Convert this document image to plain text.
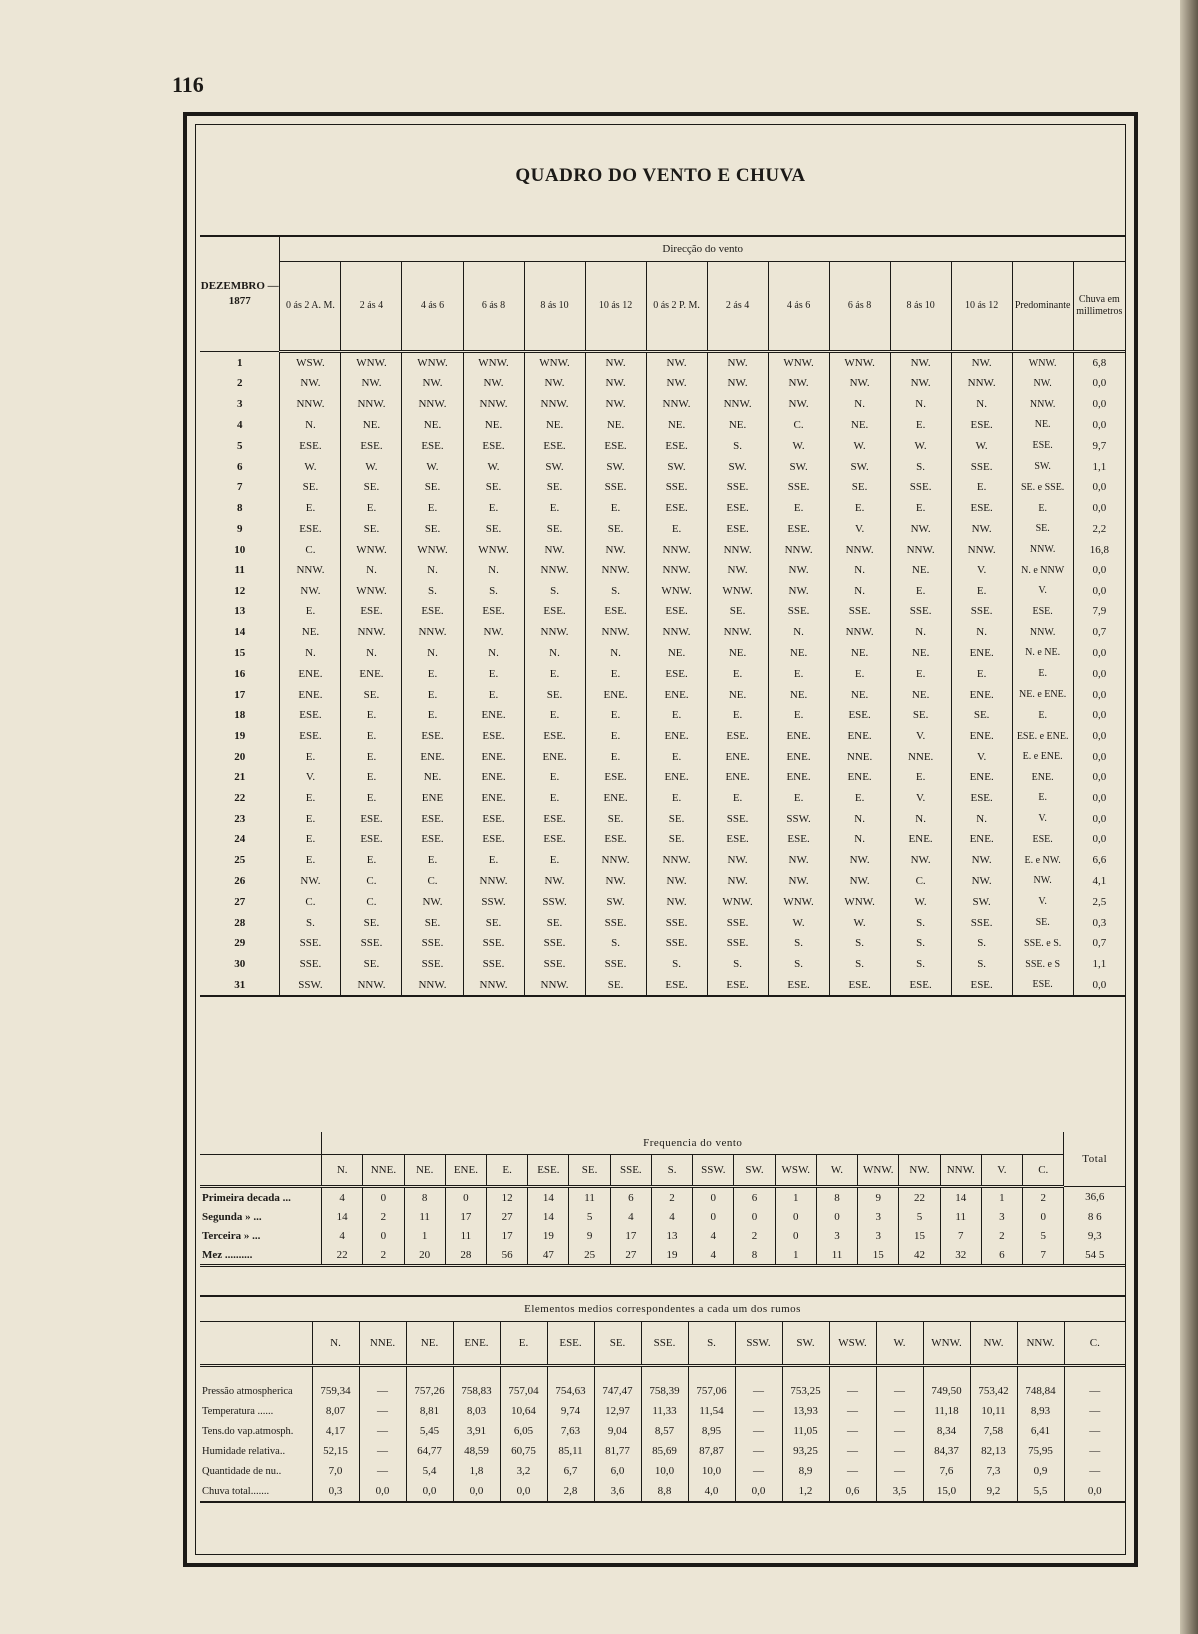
116
QUADRO DO VENTO E CHUVA
DEZEMBRO — 1877	Direcção do vento													
	0 ás 2 A. M.	2 ás 4	4 ás 6	6 ás 8	8 ás 10	10 ás 12	0 ás 2 P. M.	2 ás 4	4 ás 6	6 ás 8	8 ás 10	10 ás 12	Predominante	Chuva em millimetros
1	WSW.	WNW.	WNW.	WNW.	WNW.	NW.	NW.	NW.	WNW.	WNW.	NW.	NW.	WNW.	6,8
2	NW.	NW.	NW.	NW.	NW.	NW.	NW.	NW.	NW.	NW.	NW.	NNW.	NW.	0,0
3	NNW.	NNW.	NNW.	NNW.	NNW.	NW.	NNW.	NNW.	NW.	N.	N.	N.	NNW.	0,0
4	N.	NE.	NE.	NE.	NE.	NE.	NE.	NE.	C.	NE.	E.	ESE.	NE.	0,0
5	ESE.	ESE.	ESE.	ESE.	ESE.	ESE.	ESE.	S.	W.	W.	W.	W.	ESE.	9,7
6	W.	W.	W.	W.	SW.	SW.	SW.	SW.	SW.	SW.	S.	SSE.	SW.	1,1
7	SE.	SE.	SE.	SE.	SE.	SSE.	SSE.	SSE.	SSE.	SE.	SSE.	E.	SE. e SSE.	0,0
8	E.	E.	E.	E.	E.	E.	ESE.	ESE.	E.	E.	E.	ESE.	E.	0,0
9	ESE.	SE.	SE.	SE.	SE.	SE.	E.	ESE.	ESE.	V.	NW.	NW.	SE.	2,2
10	C.	WNW.	WNW.	WNW.	NW.	NW.	NNW.	NNW.	NNW.	NNW.	NNW.	NNW.	NNW.	16,8
11	NNW.	N.	N.	N.	NNW.	NNW.	NNW.	NW.	NW.	N.	NE.	V.	N. e NNW	0,0
12	NW.	WNW.	S.	S.	S.	S.	WNW.	WNW.	NW.	N.	E.	E.	V.	0,0
13	E.	ESE.	ESE.	ESE.	ESE.	ESE.	ESE.	SE.	SSE.	SSE.	SSE.	SSE.	ESE.	7,9
14	NE.	NNW.	NNW.	NW.	NNW.	NNW.	NNW.	NNW.	N.	NNW.	N.	N.	NNW.	0,7
15	N.	N.	N.	N.	N.	N.	NE.	NE.	NE.	NE.	NE.	ENE.	N. e NE.	0,0
16	ENE.	ENE.	E.	E.	E.	E.	ESE.	E.	E.	E.	E.	E.	E.	0,0
17	ENE.	SE.	E.	E.	SE.	ENE.	ENE.	NE.	NE.	NE.	NE.	ENE.	NE. e ENE.	0,0
18	ESE.	E.	E.	ENE.	E.	E.	E.	E.	E.	ESE.	SE.	SE.	E.	0,0
19	ESE.	E.	ESE.	ESE.	ESE.	E.	ENE.	ESE.	ENE.	ENE.	V.	ENE.	ESE. e ENE.	0,0
20	E.	E.	ENE.	ENE.	ENE.	E.	E.	ENE.	ENE.	NNE.	NNE.	V.	E. e ENE.	0,0
21	V.	E.	NE.	ENE.	E.	ESE.	ENE.	ENE.	ENE.	ENE.	E.	ENE.	ENE.	0,0
22	E.	E.	ENE	ENE.	E.	ENE.	E.	E.	E.	E.	V.	ESE.	E.	0,0
23	E.	ESE.	ESE.	ESE.	ESE.	SE.	SE.	SSE.	SSW.	N.	N.	N.	V.	0,0
24	E.	ESE.	ESE.	ESE.	ESE.	ESE.	SE.	ESE.	ESE.	N.	ENE.	ENE.	ESE.	0,0
25	E.	E.	E.	E.	E.	NNW.	NNW.	NW.	NW.	NW.	NW.	NW.	E. e NW.	6,6
26	NW.	C.	C.	NNW.	NW.	NW.	NW.	NW.	NW.	NW.	C.	NW.	NW.	4,1
27	C.	C.	NW.	SSW.	SSW.	SW.	NW.	WNW.	WNW.	WNW.	W.	SW.	V.	2,5
28	S.	SE.	SE.	SE.	SE.	SSE.	SSE.	SSE.	W.	W.	S.	SSE.	SE.	0,3
29	SSE.	SSE.	SSE.	SSE.	SSE.	S.	SSE.	SSE.	S.	S.	S.	S.	SSE. e S.	0,7
30	SSE.	SE.	SSE.	SSE.	SSE.	SSE.	S.	S.	S.	S.	S.	S.	SSE. e S	1,1
31	SSW.	NNW.	NNW.	NNW.	NNW.	SE.	ESE.	ESE.	ESE.	ESE.	ESE.	ESE.	ESE.	0,0
	Frequencia do vento																		Total
	N.	NNE.	NE.	ENE.	E.	ESE.	SE.	SSE.	S.	SSW.	SW.	WSW.	W.	WNW.	NW.	NNW.	V.	C.	
Primeira decada ...	4	0	8	0	12	14	11	6	2	0	6	1	8	9	22	14	1	2	36,6
Segunda » ...	14	2	11	17	27	14	5	4	4	0	0	0	0	3	5	11	3	0	8 6
Terceira » ...	4	0	1	11	17	19	9	17	13	4	2	0	3	3	15	7	2	5	9,3
Mez ..........	22	2	20	28	56	47	25	27	19	4	8	1	11	15	42	32	6	7	54 5
Elementos medios correspondentes a cada um dos rumos																	
	N.	NNE.	NE.	ENE.	E.	ESE.	SE.	SSE.	S.	SSW.	SW.	WSW.	W.	WNW.	NW.	NNW.	C.
Pressão atmospherica	759,34	—	757,26	758,83	757,04	754,63	747,47	758,39	757,06	—	753,25	—	—	749,50	753,42	748,84	—
Temperatura ......	8,07	—	8,81	8,03	10,64	9,74	12,97	11,33	11,54	—	13,93	—	—	11,18	10,11	8,93	—
Tens.do vap.atmosph.	4,17	—	5,45	3,91	6,05	7,63	9,04	8,57	8,95	—	11,05	—	—	8,34	7,58	6,41	—
Humidade relativa..	52,15	—	64,77	48,59	60,75	85,11	81,77	85,69	87,87	—	93,25	—	—	84,37	82,13	75,95	—
Quantidade de nu..	7,0	—	5,4	1,8	3,2	6,7	6,0	10,0	10,0	—	8,9	—	—	7,6	7,3	0,9	—
Chuva total.......	0,3	0,0	0,0	0,0	0,0	2,8	3,6	8,8	4,0	0,0	1,2	0,6	3,5	15,0	9,2	5,5	0,0
